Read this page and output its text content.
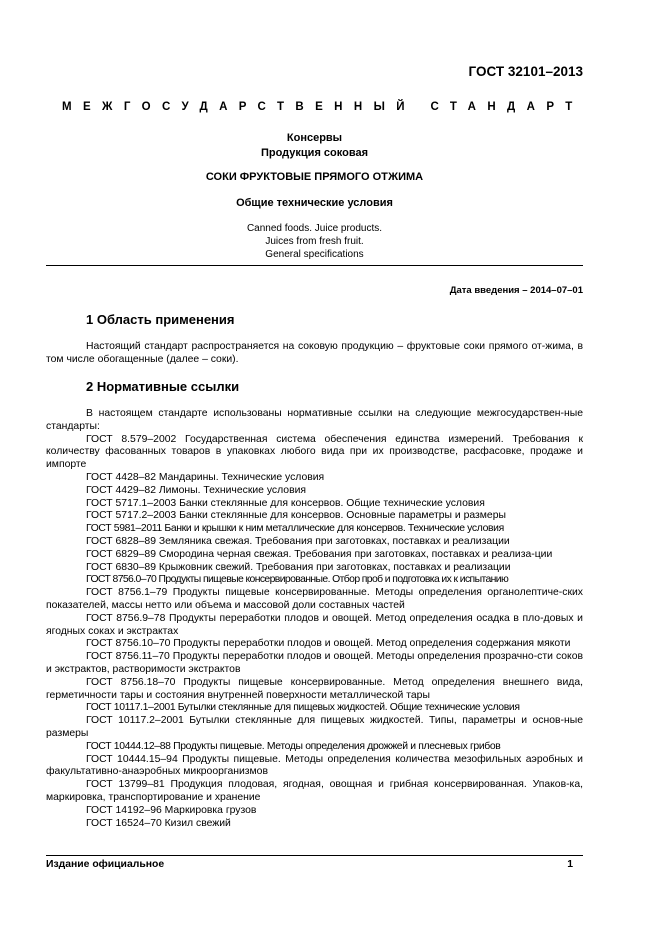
ГОСТ 32101–2013
МЕЖГОСУДАРСТВЕННЫЙ СТАНДАРТ
Консервы
Продукция соковая
СОКИ ФРУКТОВЫЕ ПРЯМОГО ОТЖИМА
Общие технические условия
Canned foods. Juice products.
Juices from fresh fruit.
General specifications
Дата введения – 2014–07–01
1 Область применения
Настоящий стандарт распространяется на соковую продукцию – фруктовые соки прямого от-жима, в том числе обогащенные (далее – соки).
2 Нормативные ссылки
В настоящем стандарте использованы нормативные ссылки на следующие межгосударствен-ные стандарты:
ГОСТ 8.579–2002 Государственная система обеспечения единства измерений. Требования к количеству фасованных товаров в упаковках любого вида при их производстве, расфасовке, продаже и импорте
ГОСТ 4428–82 Мандарины. Технические условия
ГОСТ 4429–82 Лимоны. Технические условия
ГОСТ 5717.1–2003 Банки стеклянные для консервов. Общие технические условия
ГОСТ 5717.2–2003 Банки стеклянные для консервов. Основные параметры и размеры
ГОСТ 5981–2011 Банки и крышки к ним металлические для консервов. Технические условия
ГОСТ 6828–89 Земляника свежая. Требования при заготовках, поставках и реализации
ГОСТ 6829–89 Смородина черная свежая. Требования при заготовках, поставках и реализа-ции
ГОСТ 6830–89 Крыжовник свежий. Требования при заготовках, поставках и реализации
ГОСТ 8756.0–70 Продукты пищевые консервированные. Отбор проб и подготовка их к испытанию
ГОСТ 8756.1–79 Продукты пищевые консервированные. Методы определения органолептиче-ских показателей, массы нетто или объема и массовой доли составных частей
ГОСТ 8756.9–78 Продукты переработки плодов и овощей. Метод определения осадка в пло-довых и ягодных соках и экстрактах
ГОСТ 8756.10–70 Продукты переработки плодов и овощей. Метод определения содержания мякоти
ГОСТ 8756.11–70 Продукты переработки плодов и овощей. Методы определения прозрачно-сти соков и экстрактов, растворимости экстрактов
ГОСТ 8756.18–70 Продукты пищевые консервированные. Метод определения внешнего вида, герметичности тары и состояния внутренней поверхности металлической тары
ГОСТ 10117.1–2001 Бутылки стеклянные для пищевых жидкостей. Общие технические условия
ГОСТ 10117.2–2001 Бутылки стеклянные для пищевых жидкостей. Типы, параметры и основ-ные размеры
ГОСТ 10444.12–88 Продукты пищевые. Методы определения дрожжей и плесневых грибов
ГОСТ 10444.15–94 Продукты пищевые. Методы определения количества мезофильных аэробных и факультативно-анаэробных микроорганизмов
ГОСТ 13799–81 Продукция плодовая, ягодная, овощная и грибная консервированная. Упаков-ка, маркировка, транспортирование и хранение
ГОСТ 14192–96 Маркировка грузов
ГОСТ 16524–70 Кизил свежий
Издание официальное	1
